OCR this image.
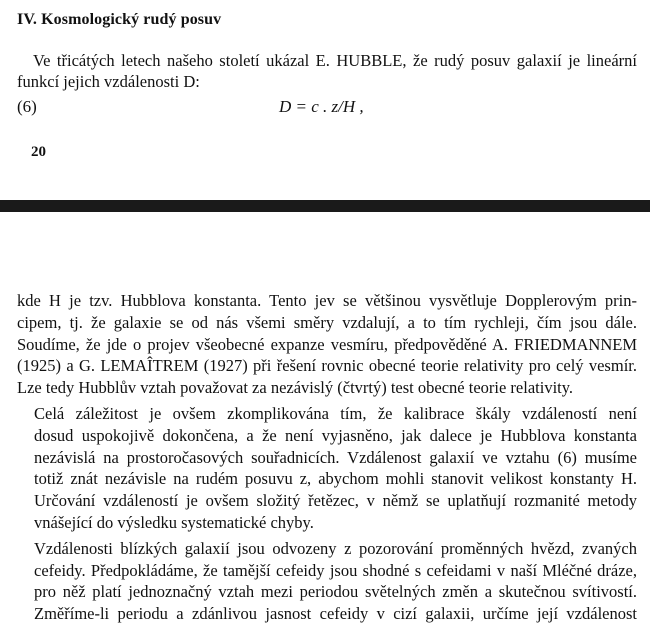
IV. Kosmologický rudý posuv
Ve třicátých letech našeho století ukázal E. HUBBLE, že rudý posuv galaxií je lineární
funkcí jejich vzdálenosti D:
(6)	D = c . z/H ,
20
kde H je tzv. Hubblova konstanta. Tento jev se většinou vysvětluje Dopplerovým prin-
cipem, tj. že galaxie se od nás všemi směry vzdalují, a to tím rychleji, čím jsou dále.
Soudíme, že jde o projev všeobecné expanze vesmíru, předpověděné A. FRIEDMANNEM
(1925) a G. LEMAÎTREM (1927) při řešení rovnic obecné teorie relativity pro celý vesmír.
Lze tedy Hubblův vztah považovat za nezávislý (čtvrtý) test obecné teorie relativity.
Celá záležitost je ovšem zkomplikována tím, že kalibrace škály vzdáleností není
dosud uspokojivě dokončena, a že není vyjasněno, jak dalece je Hubblova konstanta
nezávislá na prostoročasových souřadnicích. Vzdálenost galaxií ve vztahu (6) musíme
totiž znát nezávisle na rudém posuvu z, abychom mohli stanovit velikost konstanty H.
Určování vzdáleností je ovšem složitý řetězec, v němž se uplatňují rozmanité metody
vnášející do výsledku systematické chyby.
Vzdálenosti blízkých galaxií jsou odvozeny z pozorování proměnných hvězd, zvaných
cefeidy. Předpokládáme, že tamější cefeidy jsou shodné s cefeidami v naší Mléčné dráze,
pro něž platí jednoznačný vztah mezi periodou světelných změn a skutečnou svítivostí.
Změříme-li periodu a zdánlivou jasnost cefeidy v cizí galaxii, určíme její vzdálenost
